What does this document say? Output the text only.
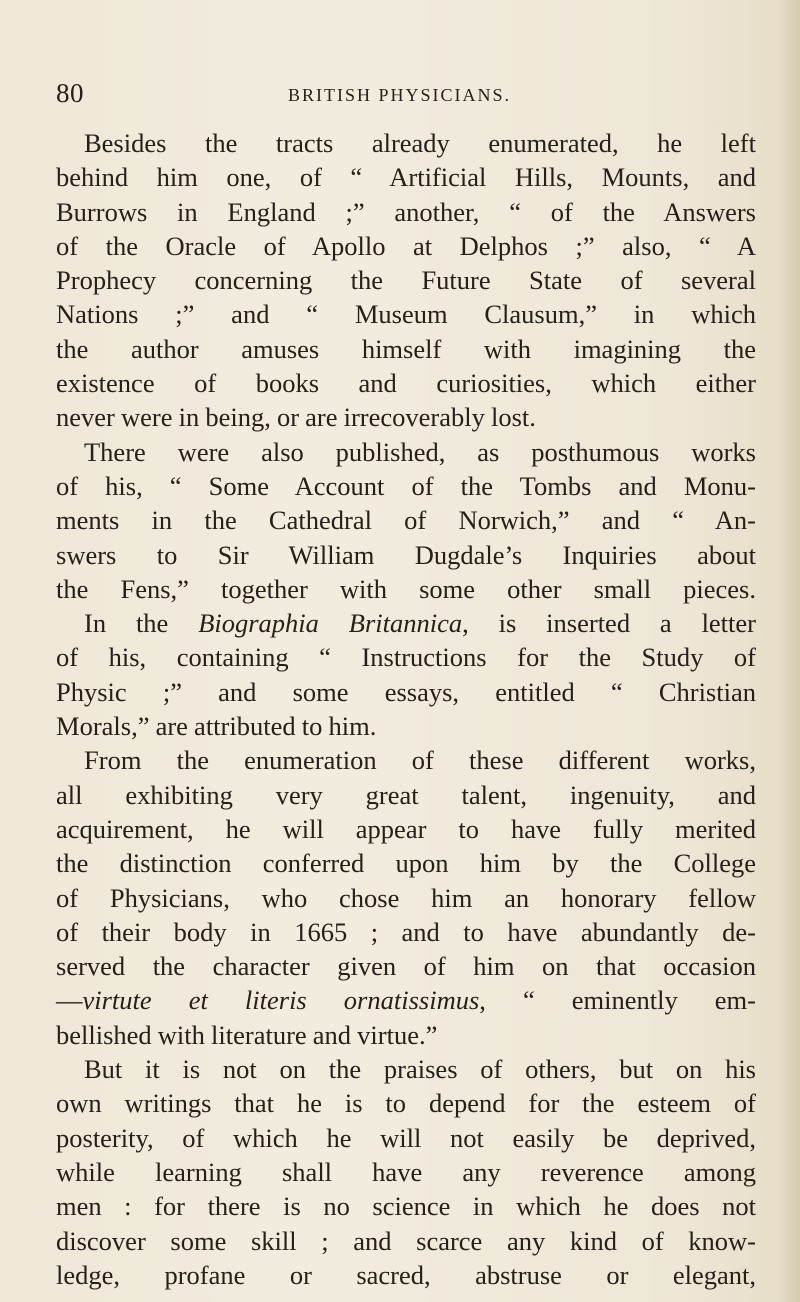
80	BRITISH PHYSICIANS.
Besides the tracts already enumerated, he left
behind him one, of “ Artificial Hills, Mounts, and
Burrows in England ;” another, “ of the Answers
of the Oracle of Apollo at Delphos ;” also, “ A
Prophecy concerning the Future State of several
Nations ;” and “ Museum Clausum,” in which
the author amuses himself with imagining the
existence of books and curiosities, which either
never were in being, or are irrecoverably lost.
There were also published, as posthumous works
of his, “ Some Account of the Tombs and Monu-
ments in the Cathedral of Norwich,” and “ An-
swers to Sir William Dugdale’s Inquiries about
the Fens,” together with some other small pieces.
In the Biographia Britannica, is inserted a letter
of his, containing “ Instructions for the Study of
Physic ;” and some essays, entitled “ Christian
Morals,” are attributed to him.
From the enumeration of these different works,
all exhibiting very great talent, ingenuity, and
acquirement, he will appear to have fully merited
the distinction conferred upon him by the College
of Physicians, who chose him an honorary fellow
of their body in 1665 ; and to have abundantly de-
served the character given of him on that occasion
—virtute et literis ornatissimus, “ eminently em-
bellished with literature and virtue.”
But it is not on the praises of others, but on his
own writings that he is to depend for the esteem of
posterity, of which he will not easily be deprived,
while learning shall have any reverence among
men : for there is no science in which he does not
discover some skill ; and scarce any kind of know-
ledge, profane or sacred, abstruse or elegant,
